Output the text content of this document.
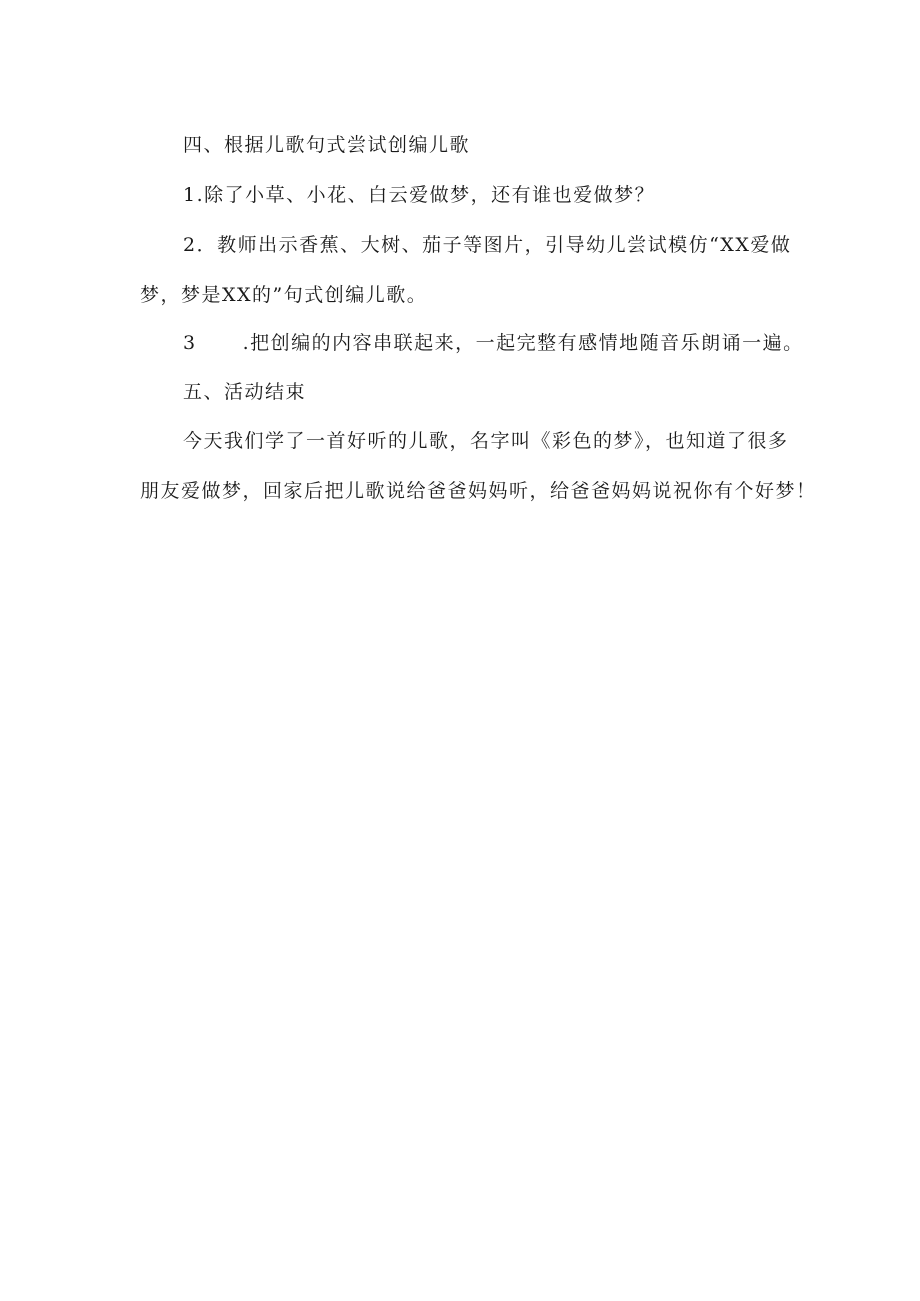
四、根据儿歌句式尝试创编儿歌
1.除了小草、小花、白云爱做梦，还有谁也爱做梦？
2．教师出示香蕉、大树、茄子等图片，引导幼儿尝试模仿“XX爱做
梦，梦是XX的”句式创编儿歌。
3 .把创编的内容串联起来，一起完整有感情地随音乐朗诵一遍。
五、活动结束
今天我们学了一首好听的儿歌，名字叫《彩色的梦》，也知道了很多
朋友爱做梦，回家后把儿歌说给爸爸妈妈听，给爸爸妈妈说祝你有个好梦！
